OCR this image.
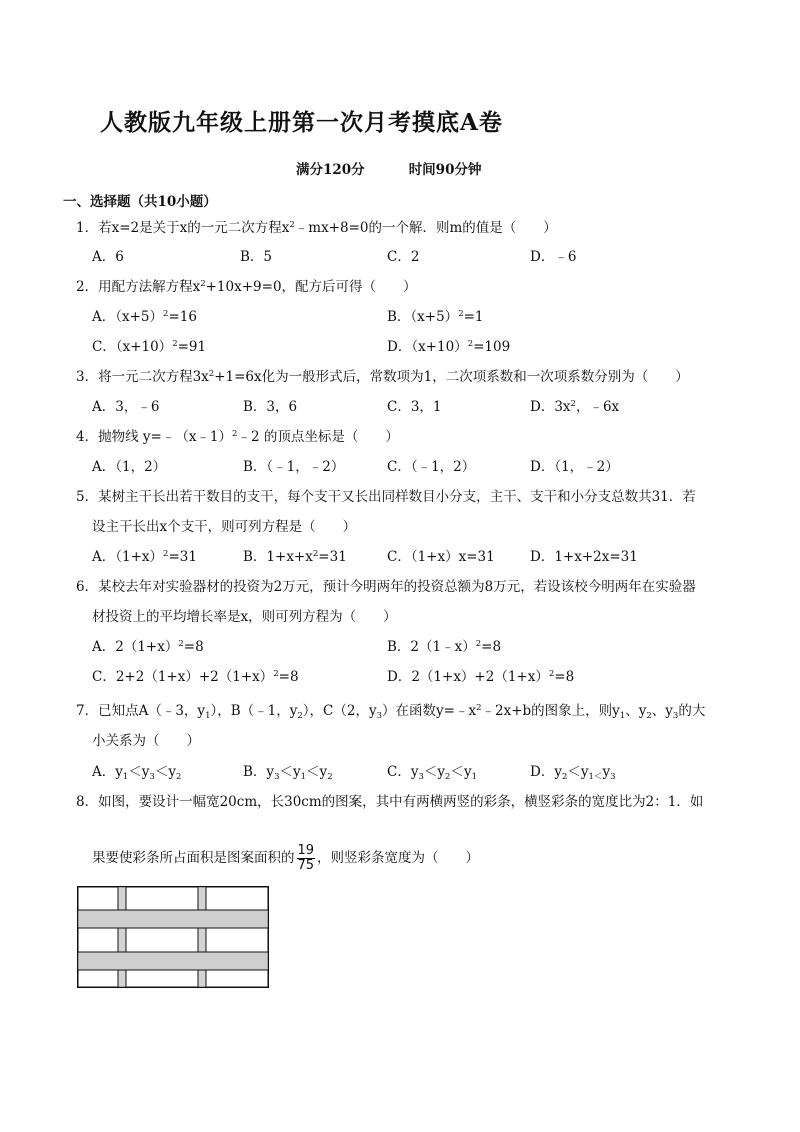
人教版九年级上册第一次月考摸底A卷
满分120分	时间90分钟
一、选择题（共10小题）
1．若x=2是关于x的一元二次方程$x^2﹣mx+8=0$的一个解．则m的值是（　　）
A．6	B．5	C．2	D．﹣6
2．用配方法解方程$x^2+10x+9=0$，配方后可得（　　）
A．$(x+5)^2=16$	B．$(x+5)^2=1$
C．$(x+10)^2=91$	D．$(x+10)^2=109$
3．将一元二次方程$3x^2+1=6x$化为一般形式后，常数项为1，二次项系数和一次项系数分别为（　　）
A．3，﹣6	B．3，6	C．3，1	D．$3x^2$，﹣6x
4．抛物线 y=﹣（x﹣1）$^2$﹣2 的顶点坐标是（　　）
A．（1，2）	B．（﹣1，﹣2）	C．（﹣1，2）	D．（1，﹣2）
5．某树主干长出若干数目的支干，每个支干又长出同样数目小分支，主干、支干和小分支总数共31．若
设主干长出x个支干，则可列方程是（　　）
A．$(1+x)^2=31$	B．$1+x+x^2=31$	C．（1+x）x=31	D．1+x+2x=31
6．某校去年对实验器材的投资为2万元，预计今明两年的投资总额为8万元，若设该校今明两年在实验器
材投资上的平均增长率是x，则可列方程为（　　）
A．$2(1+x)^2=8$	B．2（1﹣x）$^2$=8
C．$2+2(1+x)+2(1+x)^2=8$	D．$2(1+x)+2(1+x)^2=8$
7．已知点A（﹣3，$y_1$），B（﹣1，$y_2$），C（2，$y_3$）在函数$y=﹣x^2﹣2x+b$的图象上，则$y_1$、$y_2$、$y_3$的大
小关系为（　　）
A．$y_1<y_3<y_2$	B．$y_3<y_1<y_2$	C．$y_3<y_2<y_1$	D．$y_2<y_{1<}y_3$
8．如图，要设计一幅宽20cm，长30cm的图案，其中有两横两竖的彩条，横竖彩条的宽度比为2：1．如
果要使彩条所占面积是图案面积的 $\frac{19}{75}$ ，则竖彩条宽度为（　　）
